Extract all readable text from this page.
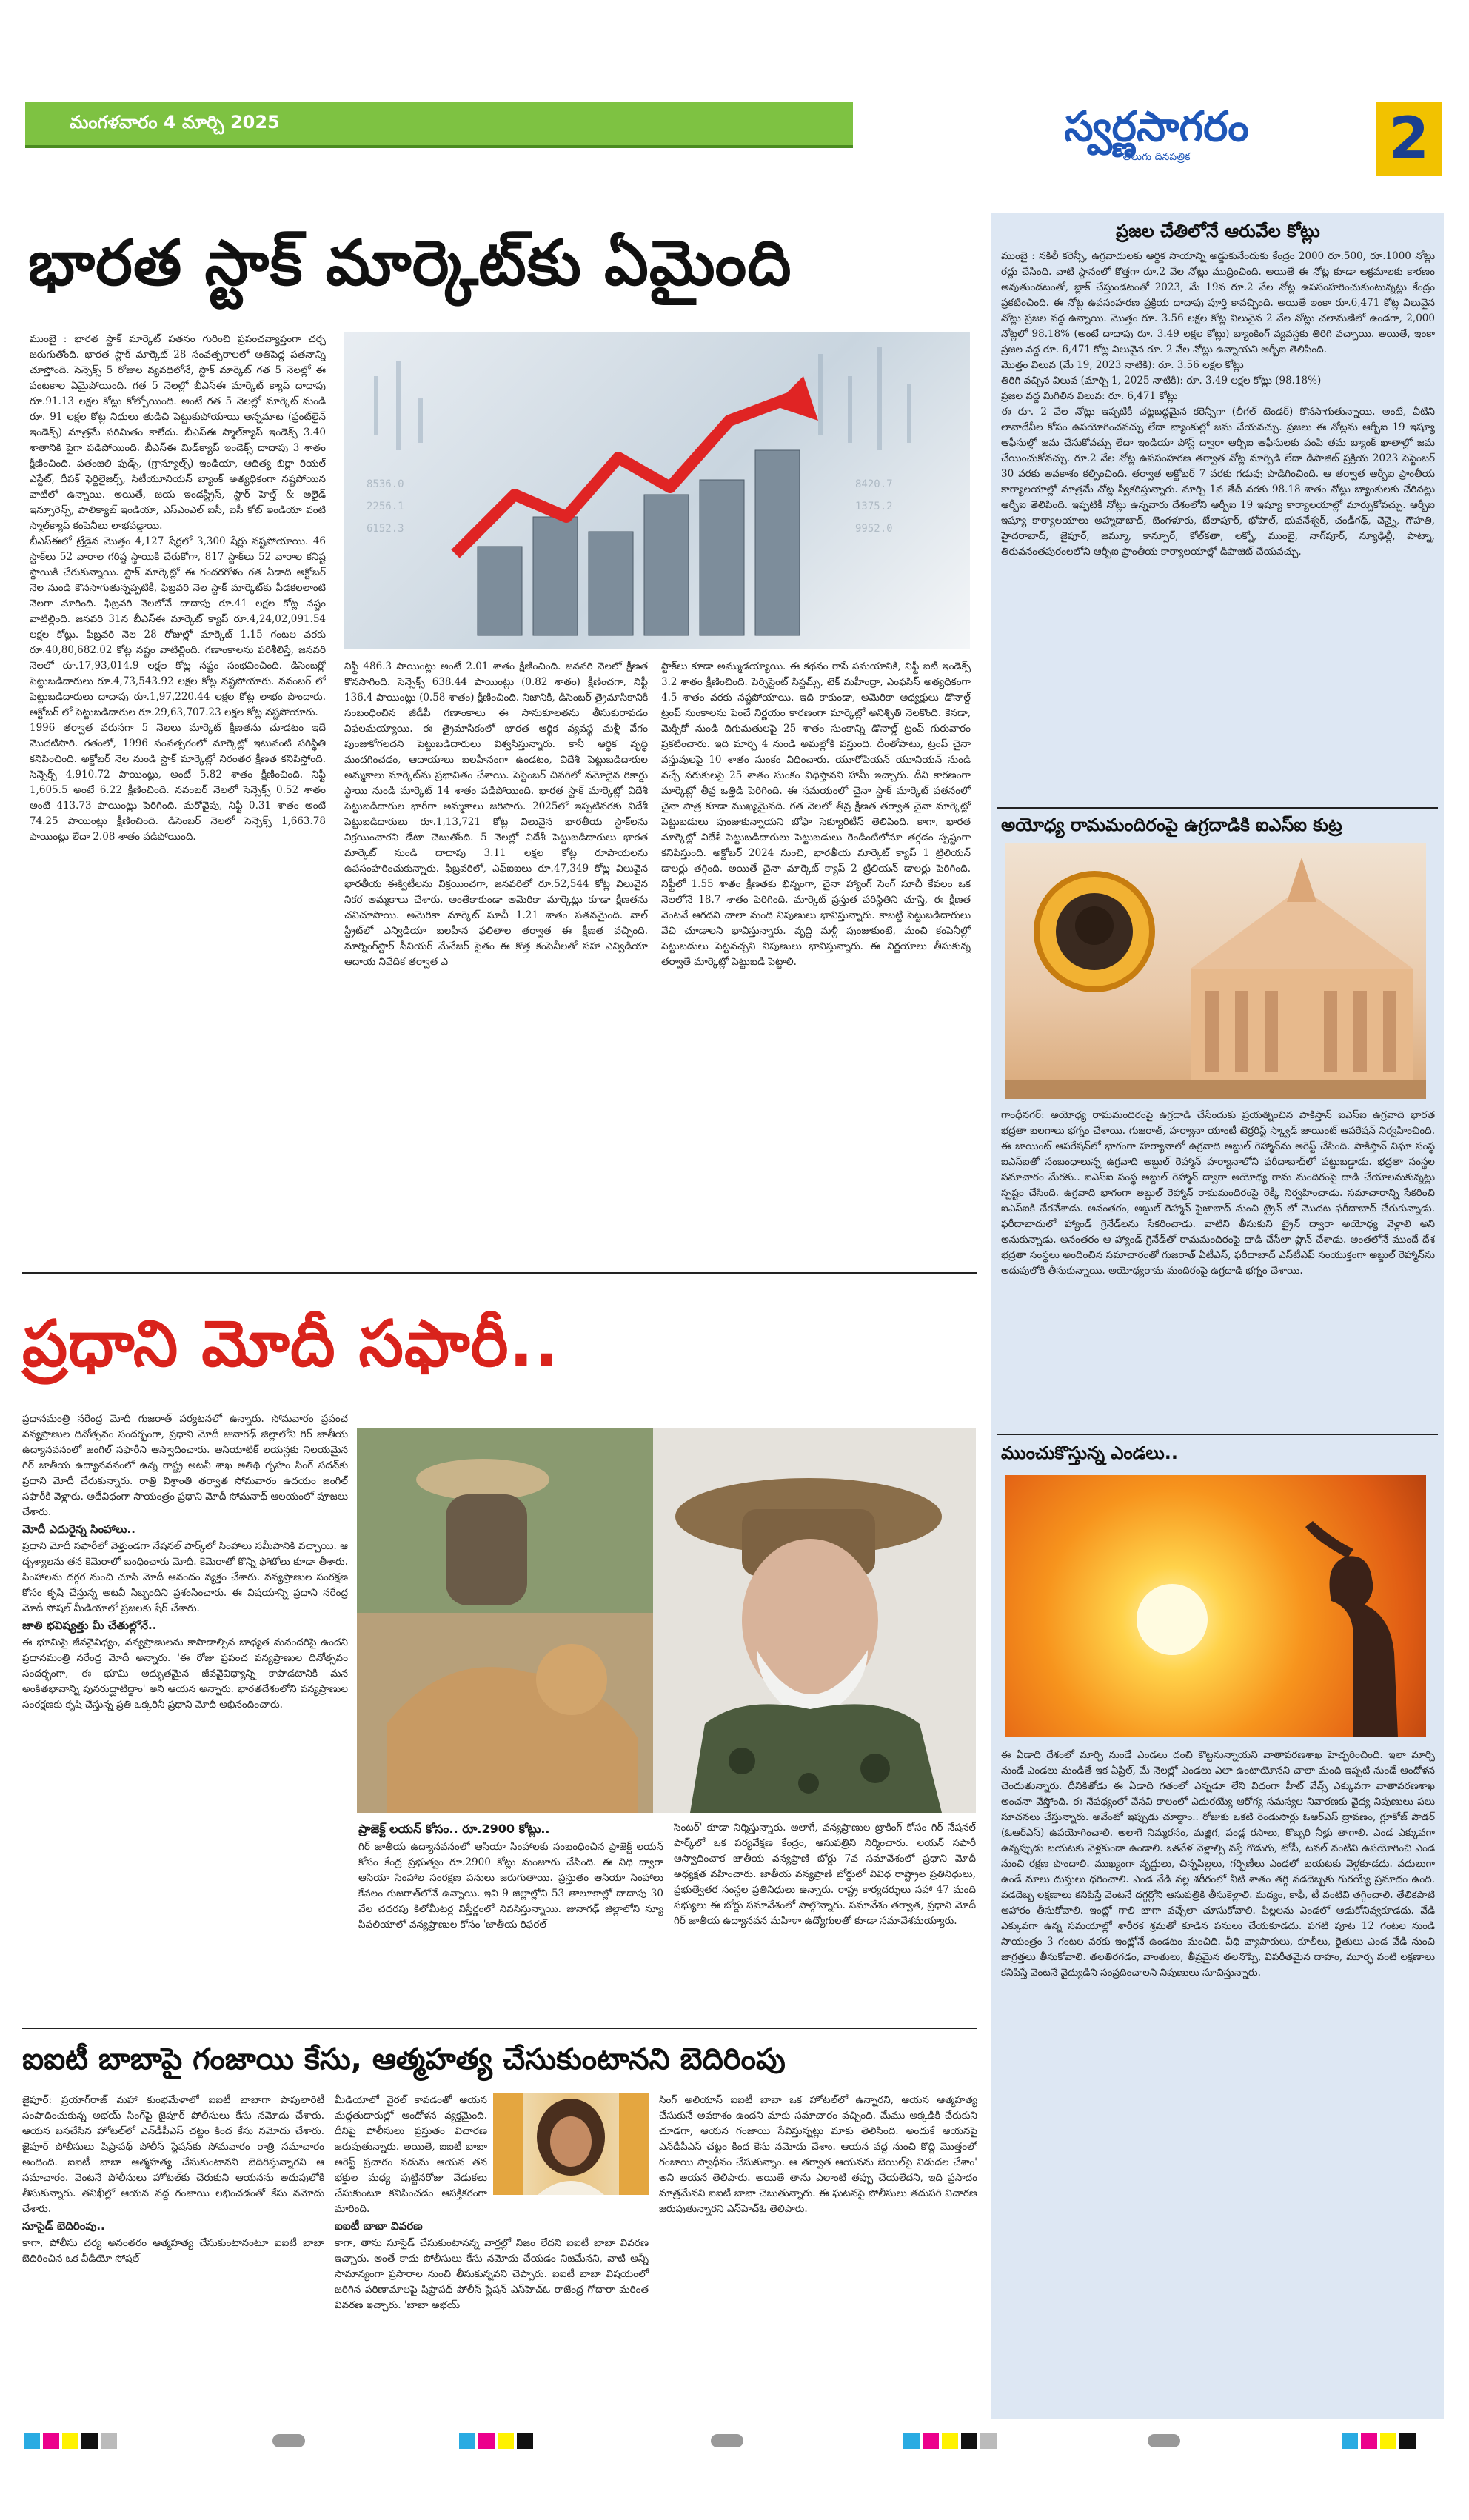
మంగళవారం 4 మార్చి 2025	స్వర్ణసాగరం
తెలుగు దినపత్రిక	2
భారత స్టాక్ మార్కెట్‌కు ఏమైంది

ముంబై : భారత స్టాక్ మార్కెట్ పతనం గురించి ప్రపంచవ్యాప్తంగా చర్చ జరుగుతోంది. భారత స్టాక్ మార్కెట్ 28 సంవత్సరాలలో అతిపెద్ద పతనాన్ని చూస్తోంది. సెన్సెక్స్ 5 రోజుల వ్యవధిలోనే, స్టాక్ మార్కెట్ గత 5 నెలల్లో ఈ పంటకాల ఏమైపోయింది. గత 5 నెలల్లో బీఎస్ఈ మార్కెట్ క్యాప్ దాదాపు రూ.91.13 లక్షల కోట్లు కోల్పోయింది. అంటే గత 5 నెలల్లో మార్కెట్ నుండి రూ. 91 లక్షల కోట్ల నిధులు తుడిచి పెట్టుకుపోయాయి అన్నమాట (ఫ్రంట్‌లైన్ ఇండెక్స్) మాత్రమే పరిమితం కాలేదు. బీఎస్ఈ స్మాల్‌క్యాప్ ఇండెక్స్ 3.40 శాతానికి పైగా పడిపోయింది. బీఎస్ఈ మిడ్‌క్యాప్ ఇండెక్స్ దాదాపు 3 శాతం క్షీణించింది. పతంజలి ఫుడ్స్, (గ్రాన్యూల్స్) ఇండియా, ఆదిత్య బిర్లా రియల్ ఎస్టేట్, దీపక్ ఫెర్టిలైజర్స్, సిటీయూనియన్ బ్యాంక్ అత్యధికంగా నష్టపోయిన వాటిలో ఉన్నాయి. అయితే, జయ ఇండస్ట్రీస్, స్టార్ హెల్త్ & అలైడ్ ఇన్సూరెన్స్, పాలిక్యాబ్ ఇండియా, ఎస్ఎంఎల్ ఐసీ, ఐసీ కోట్ ఇండియా వంటి స్మాల్‌క్యాప్ కంపెనీలు లాభపడ్డాయి.

బీఎస్ఈలో ట్రేడైన మొత్తం 4,127 షేర్లలో 3,300 షేర్లు నష్టపోయాయి. 46 స్టాక్‌లు 52 వారాల గరిష్ట స్థాయికి చేరుకోగా, 817 స్టాక్‌లు 52 వారాల కనిష్ట స్థాయికి చేరుకున్నాయి. స్టాక్ మార్కెట్లో ఈ గందరగోళం గత ఏడాది అక్టోబర్ నెల నుండి కొనసాగుతున్నప్పటికీ, ఫిబ్రవరి నెల స్టాక్ మార్కెట్‌కు పీడకలలాంటి నెలగా మారింది. ఫిబ్రవరి నెలలోనే దాదాపు రూ.41 లక్షల కోట్ల నష్టం వాటిల్లింది. జనవరి 31న బీఎస్ఈ మార్కెట్ క్యాప్ రూ.4,24,02,091.54 లక్షల కోట్లు. ఫిబ్రవరి నెల 28 రోజుల్లో మార్కెట్ 1.15 గంటల వరకు రూ.40,80,682.02 కోట్ల నష్టం వాటిల్లింది. గణాంకాలను పరిశీలిస్తే, జనవరి నెలలో రూ.17,93,014.9 లక్షల కోట్ల నష్టం సంభవించింది. డిసెంబర్లో పెట్టుబడిదారులు రూ.4,73,543.92 లక్షల కోట్ల నష్టపోయారు. నవంబర్ లో పెట్టుబడిదారులు దాదాపు రూ.1,97,220.44 లక్షల కోట్ల లాభం పొందారు. అక్టోబర్ లో పెట్టుబడిదారుల రూ.29,63,707.23 లక్షల కోట్ల నష్టపోయారు.

1996 తర్వాత వరుసగా 5 నెలలు మార్కెట్ క్షీణతను చూడటం ఇదే మొదటిసారి. గతంలో, 1996 సంవత్సరంలో మార్కెట్లో ఇటువంటి పరిస్థితి కనిపించింది. అక్టోబర్ నెల నుండి స్టాక్ మార్కెట్లో నిరంతర క్షీణత కనిపిస్తోంది. సెన్సెక్స్ 4,910.72 పాయింట్లు, అంటే 5.82 శాతం క్షీణించింది. నిఫ్టీ 1,605.5 అంటే 6.22 క్షీణించింది. నవంబర్ నెలలో సెన్సెక్స్ 0.52 శాతం అంటే 413.73 పాయింట్లు పెరిగింది. మరోవైపు, నిఫ్టీ 0.31 శాతం అంటే 74.25 పాయింట్లు క్షీణించింది. డిసెంబర్ నెలలో సెన్సెక్స్ 1,663.78 పాయింట్లు లేదా 2.08 శాతం పడిపోయింది.

8536.0
2256.1
6152.3
8420.7
1375.2
9952.0
నిఫ్టీ 486.3 పాయింట్లు అంటే 2.01 శాతం క్షీణించింది. జనవరి నెలలో క్షీణత కొనసాగింది. సెన్సెక్స్ 638.44 పాయింట్లు (0.82 శాతం) క్షీణించగా, నిఫ్టీ 136.4 పాయింట్లు (0.58 శాతం) క్షీణించింది. నిజానికి, డిసెంబర్ త్రైమాసికానికి సంబంధించిన జీడీపీ గణాంకాలు ఈ సానుకూలతను తీసుకురావడం విఫలమయ్యాయి. ఈ త్రైమాసికంలో భారత ఆర్థిక వ్యవస్థ మళ్లీ వేగం పుంజుకోగలదని పెట్టుబడిదారులు విశ్వసిస్తున్నారు. కానీ ఆర్థిక వృద్ధి మందగించడం, ఆదాయాలు బలహీనంగా ఉండటం, విదేశీ పెట్టుబడిదారుల అమ్మకాలు మార్కెట్‌ను ప్రభావితం చేశాయి. సెప్టెంబర్ చివరిలో నమోదైన రికార్డు స్థాయి నుండి మార్కెట్ 14 శాతం పడిపోయింది. భారత స్టాక్ మార్కెట్లో విదేశీ పెట్టుబడిదారుల భారీగా అమ్మకాలు జరిపారు. 2025లో ఇప్పటివరకు విదేశీ పెట్టుబడిదారులు రూ.1,13,721 కోట్ల విలువైన భారతీయ స్టాక్‌లను విక్రయించారని డేటా చెబుతోంది. 5 నెలల్లో విదేశీ పెట్టుబడిదారులు భారత మార్కెట్ నుండి దాదాపు 3.11 లక్షల కోట్ల రూపాయలను ఉపసంహరించుకున్నారు. ఫిబ్రవరిలో, ఎఫ్ఐఐలు రూ.47,349 కోట్ల విలువైన భారతీయ ఈక్విటీలను విక్రయించగా, జనవరిలో రూ.52,544 కోట్ల విలువైన నికర అమ్మకాలు చేశారు. అంతేకాకుండా అమెరికా మార్కెట్లు కూడా క్షీణతను చవిచూసాయి. అమెరికా మార్కెట్ సూచీ 1.21 శాతం పతనమైంది. వాల్ స్ట్రీట్‌లో ఎన్విడియా బలహీన ఫలితాల తర్వాత ఈ క్షీణత వచ్చింది. మార్నింగ్‌స్టార్ సీనియర్ మేనేజర్ సైతం ఈ కొత్త కంపెనీలతో సహా ఎన్విడియా ఆదాయ నివేదిక తర్వాత ఎ
స్టాక్‌లు కూడా అమ్ముడయ్యాయి. ఈ కథనం రాసే సమయానికి, నిఫ్టీ ఐటీ ఇండెక్స్ 3.2 శాతం క్షీణించింది. పెర్సిస్టెంట్ సిస్టమ్స్, టెక్ మహీంద్రా, ఎంఫసిస్ అత్యధికంగా 4.5 శాతం వరకు నష్టపోయాయి. ఇది కాకుండా, అమెరికా అధ్యక్షులు డొనాల్డ్ ట్రంప్ సుంకాలను పెంచే నిర్ణయం కారణంగా మార్కెట్లో అనిశ్చితి నెలకొంది. కెనడా, మెక్సికో నుండి దిగుమతులపై 25 శాతం సుంకాన్ని డొనాల్డ్ ట్రంప్ గురువారం ప్రకటించారు. ఇది మార్చి 4 నుండి అమల్లోకి వస్తుంది. దీంతోపాటు, ట్రంప్ చైనా వస్తువులపై 10 శాతం సుంకం విధించారు. యూరోపియన్ యూనియన్ నుండి వచ్చే సరుకులపై 25 శాతం సుంకం విధిస్తానని హామీ ఇచ్చారు. దీని కారణంగా మార్కెట్లో తీవ్ర ఒత్తిడి పెరిగింది. ఈ సమయంలో చైనా స్టాక్ మార్కెట్ పతనంలో చైనా పాత్ర కూడా ముఖ్యమైనది. గత నెలలో తీవ్ర క్షీణత తర్వాత చైనా మార్కెట్లో పెట్టుబడులు పుంజుకున్నాయని బోఫా సెక్యూరిటీస్ తెలిపింది. కాగా, భారత మార్కెట్లో విదేశీ పెట్టుబడిదారులు పెట్టుబడులు రెండింటిలోనూ తగ్గడం స్పష్టంగా కనిపిస్తుంది. అక్టోబర్ 2024 నుంచి, భారతీయ మార్కెట్ క్యాప్ 1 ట్రిలియన్ డాలర్లు తగ్గింది. అయితే చైనా మార్కెట్ క్యాప్ 2 ట్రిలియన్ డాలర్లు పెరిగింది. నిఫ్టీలో 1.55 శాతం క్షీణతకు భిన్నంగా, చైనా హ్యాంగ్ సెంగ్ సూచీ కేవలం ఒక నెలలోనే 18.7 శాతం పెరిగింది. మార్కెట్ ప్రస్తుత పరిస్థితిని చూస్తే, ఈ క్షీణత వెంటనే ఆగదని చాలా మంది నిపుణులు భావిస్తున్నారు. కాబట్టి పెట్టుబడిదారులు వేచి చూడాలని భావిస్తున్నారు. వృద్ధి మళ్లీ పుంజుకుంటే, మంచి కంపెనీల్లో పెట్టుబడులు పెట్టవచ్చని నిపుణులు భావిస్తున్నారు. ఈ నిర్ణయాలు తీసుకున్న తర్వాతే మార్కెట్లో పెట్టుబడి పెట్టాలి.
ప్రజల చేతిలోనే ఆరువేల కోట్లు
ముంబై : నకిలీ కరెన్సీ, ఉగ్రవాదులకు ఆర్థిక సాయాన్ని అడ్డుకునేందుకు కేంద్రం 2000 రూ.500, రూ.1000 నోట్లు రద్దు చేసింది. వాటి స్థానంలో కొత్తగా రూ.2 వేల నోట్లు ముద్రించింది. అయితే ఈ నోట్ల కూడా అక్రమాలకు కారణం అవుతుండటంతో, బ్లాక్ చేస్తుండటంతో 2023, మే 19న రూ.2 వేల నోట్ల ఉపసంహరించుకుంటున్నట్లు కేంద్రం ప్రకటించింది. ఈ నోట్ల ఉపసంహరణ ప్రక్రియ దాదాపు పూర్తి కావచ్చింది. అయితే ఇంకా రూ.6,471 కోట్ల విలువైన నోట్లు ప్రజల వద్ద ఉన్నాయి. మొత్తం రూ. 3.56 లక్షల కోట్ల విలువైన 2 వేల నోట్లు చలామణిలో ఉండగా, 2,000 నోట్లలో 98.18% (అంటే దాదాపు రూ. 3.49 లక్షల కోట్లు) బ్యాంకింగ్ వ్యవస్థకు తిరిగి వచ్చాయి. అయితే, ఇంకా ప్రజల వద్ద రూ. 6,471 కోట్ల విలువైన రూ. 2 వేల నోట్లు ఉన్నాయని ఆర్బీఐ తెలిపింది.
మొత్తం విలువ (మే 19, 2023 నాటికి): రూ. 3.56 లక్షల కోట్లు
తిరిగి వచ్చిన విలువ (మార్చి 1, 2025 నాటికి): రూ. 3.49 లక్షల కోట్లు (98.18%)
ప్రజల వద్ద మిగిలిన విలువ: రూ. 6,471 కోట్లు
ఈ రూ. 2 వేల నోట్లు ఇప్పటికీ చట్టబద్ధమైన కరెన్సీగా (లీగల్ టెండర్) కొనసాగుతున్నాయి. అంటే, వీటిని లావాదేవీల కోసం ఉపయోగించవచ్చు లేదా బ్యాంకుల్లో జమ చేయవచ్చు. ప్రజలు ఈ నోట్లను ఆర్బీఐ 19 ఇష్యూ ఆఫీసుల్లో జమ చేసుకోవచ్చు లేదా ఇండియా పోస్ట్ ద్వారా ఆర్బీఐ ఆఫీసులకు పంపి తమ బ్యాంక్ ఖాతాల్లో జమ చేయించుకోవచ్చు. రూ.2 వేల నోట్ల ఉపసంహరణ తర్వాత నోట్ల మార్పిడి లేదా డిపాజిట్ ప్రక్రియ 2023 సెప్టెంబర్ 30 వరకు అవకాశం కల్పించింది. తర్వాత అక్టోబర్ 7 వరకు గడువు పొడిగించింది. ఆ తర్వాత ఆర్బీఐ ప్రాంతీయ కార్యాలయాల్లో మాత్రమే నోట్ల స్వీకరిస్తున్నారు. మార్చి 1వ తేదీ వరకు 98.18 శాతం నోట్లు బ్యాంకులకు చేరినట్లు ఆర్బీఐ తెలిపింది. ఇప్పటికీ నోట్లు ఉన్నవారు దేశంలోని ఆర్బీఐ 19 ఇష్యూ కార్యాలయాల్లో మార్చుకోవచ్చు. ఆర్బీఐ ఇష్యూ కార్యాలయాలు అహ్మదాబాద్, బెంగళూరు, బేలాపూర్, భోపాల్, భువనేశ్వర్, చండీగఢ్, చెన్నై, గౌహతి, హైదరాబాద్, జైపూర్, జమ్మూ, కాన్పూర్, కోల్‌కతా, లక్నో, ముంబై, నాగ్‌పూర్, న్యూఢిల్లీ, పాట్నా, తిరువనంతపురంలలోని ఆర్బీఐ ప్రాంతీయ కార్యాలయాల్లో డిపాజిట్ చేయవచ్చు.
అయోధ్య రామమందిరంపై ఉగ్రదాడికి ఐఎస్ఐ కుట్ర
గాంధీనగర్: అయోధ్య రామమందిరంపై ఉగ్రదాడి చేసేందుకు ప్రయత్నించిన పాకిస్తాన్ ఐఎస్ఐ ఉగ్రవాది భారత భద్రతా బలగాలు భగ్నం చేశాయి. గుజరాత్, హర్యానా యాంటీ టెర్రరిస్ట్ స్క్వాడ్ జాయింట్ ఆపరేషన్ నిర్వహించింది. ఈ జాయింట్ ఆపరేషన్‌లో భాగంగా హర్యానాలో ఉగ్రవాది అబ్దుల్ రెహ్మాన్‌ను అరెస్ట్ చేసింది. పాకిస్తాన్ నిఘా సంస్థ ఐఎస్ఐతో సంబంధాలున్న ఉగ్రవాది అబ్దుల్ రెహ్మాన్ హర్యానాలోని ఫరీదాబాద్‌లో పట్టుబడ్డాడు. భద్రతా సంస్థల సమాచారం మేరకు.. ఐఎస్ఐ సంస్థ అబ్దుల్ రెహ్మాన్ ద్వారా అయోధ్య రామ మందిరంపై దాడి చేయాలనుకున్నట్లు స్పష్టం చేసింది. ఉగ్రవాది భాగంగా అబ్దుల్ రెహ్మాన్ రామమందిరంపై రెక్కీ నిర్వహించాడు. సమాచారాన్ని సేకరించి ఐఎస్ఐకి చేరవేశాడు. అనంతరం, అబ్దుల్ రెహ్మాన్ ఫైజాబాద్ నుంచి ట్రైన్ లో మొదట ఫరీదాబాద్ చేరుకున్నాడు. ఫరీదాబాదులో హ్యాండ్ గ్రెనేడ్‌లను సేకరించాడు. వాటిని తీసుకుని ట్రైన్ ద్వారా అయోధ్య వెళ్లాలి అని అనుకున్నాడు. అనంతరం ఆ హ్యాండ్ గ్రెనేడ్‌తో రామమందిరంపై దాడి చేసేలా ప్లాన్ చేశాడు. అంతలోనే ముందే దేశ భద్రతా సంస్థలు అందించిన సమాచారంతో గుజరాత్ ఏటీఎస్, ఫరీదాబాద్ ఎస్‌టీఎఫ్ సంయుక్తంగా అబ్దుల్ రెహ్మాన్‌ను అదుపులోకి తీసుకున్నాయి. అయోధ్యరామ మందిరంపై ఉగ్రదాడి భగ్నం చేశాయి.
ముంచుకొస్తున్న ఎండలు..
ఈ ఏడాది దేశంలో మార్చి నుండే ఎండలు దంచి కొట్టనున్నాయని వాతావరణశాఖ హెచ్చరించింది. ఇలా మార్చి నుండే ఎండలు మండితే ఇక ఏప్రిల్, మే నెలల్లో ఎండలు ఎలా ఉంటాయోనని చాలా మంది ఇప్పటి నుండే ఆందోళన చెందుతున్నారు. దీనికితోడు ఈ ఏడాది గతంలో ఎన్నడూ లేని విధంగా హీట్ వేవ్స్ ఎక్కువగా వాతావరణశాఖ అంచనా వేస్తోంది. ఈ నేపధ్యంలో వేసవి కాలంలో ఎదురయ్యే ఆరోగ్య సమస్యల నివారణకు వైద్య నిపుణులు పలు సూచనలు చేస్తున్నారు. అవేంటో ఇప్పుడు చూద్దాం.. రోజుకు ఒకటి రెండుసార్లు ఓఆర్ఎస్ ద్రావణం, గ్లూకోజ్ పౌడర్ (ఓఆర్ఎస్) ఉపయోగించాలి. అలాగే నిమ్మరసం, మజ్జిగ, పండ్ల రసాలు, కొబ్బరి నీళ్లు తాగాలి. ఎండ ఎక్కువగా ఉన్నప్పుడు బయటకు వెళ్లకుండా ఉండాలి. ఒకవేళ వెళ్లాల్సి వస్తే గొడుగు, టోపీ, టవల్ వంటివి ఉపయోగించి ఎండ నుంచి రక్షణ పొందాలి. ముఖ్యంగా వృద్ధులు, చిన్నపిల్లలు, గర్భిణీలు ఎండలో బయటకు వెళ్లకూడదు. వదులుగా ఉండే నూలు దుస్తులు ధరించాలి. ఎండ వేడి వల్ల శరీరంలో నీటి శాతం తగ్గి వడదెబ్బకు గురయ్యే ప్రమాదం ఉంది. వడదెబ్బ లక్షణాలు కనిపిస్తే వెంటనే దగ్గర్లోని ఆసుపత్రికి తీసుకెళ్లాలి. మద్యం, కాఫీ, టీ వంటివి తగ్గించాలి. తేలికపాటి ఆహారం తీసుకోవాలి. ఇంట్లో గాలి బాగా వచ్చేలా చూసుకోవాలి. పిల్లలను ఎండలో ఆడుకోనివ్వకూడదు. వేడి ఎక్కువగా ఉన్న సమయాల్లో శారీరక శ్రమతో కూడిన పనులు చేయకూడదు. పగటి పూట 12 గంటల నుండి సాయంత్రం 3 గంటల వరకు ఇంట్లోనే ఉండటం మంచిది. వీధి వ్యాపారులు, కూలీలు, రైతులు ఎండ వేడి నుంచి జాగ్రత్తలు తీసుకోవాలి. తలతిరగడం, వాంతులు, తీవ్రమైన తలనొప్పి, విపరీతమైన దాహం, మూర్ఛ వంటి లక్షణాలు కనిపిస్తే వెంటనే వైద్యుడిని సంప్రదించాలని నిపుణులు సూచిస్తున్నారు.
ప్రధాని మోదీ సఫారీ..
ప్రధానమంత్రి నరేంద్ర మోదీ గుజరాత్ పర్యటనలో ఉన్నారు. సోమవారం ప్రపంచ వన్యప్రాణుల దినోత్సవం సందర్భంగా, ప్రధాని మోదీ జునాగఢ్ జిల్లాలోని గిర్ జాతీయ ఉద్యానవనంలో జంగిల్ సఫారీని ఆస్వాదించారు. ఆసియాటిక్ లయన్లకు నిలయమైన గిర్ జాతీయ ఉద్యానవనంలో ఉన్న రాష్ట్ర అటవీ శాఖ అతిథి గృహం సింగ్ సదన్‌కు ప్రధాని మోదీ చేరుకున్నారు. రాత్రి విశ్రాంతి తర్వాత సోమవారం ఉదయం జంగిల్ సఫారీకి వెళ్లారు. అదేవిధంగా సాయంత్రం ప్రధాని మోదీ సోమనాథ్ ఆలయంలో పూజలు చేశారు.
మోదీ ఎదురైన్న సింహాలు..
ప్రధాని మోదీ సఫారీలో వెళ్తుండగా నేషనల్ పార్క్‌లో సింహాలు సమీపానికి వచ్చాయి. ఆ దృశ్యాలను తన కెమెరాలో బంధించారు మోదీ. కెమెరాతో కొన్ని ఫోటోలు కూడా తీశారు. సింహాలను దగ్గర నుంచి చూసి మోదీ ఆనందం వ్యక్తం చేశారు. వన్యప్రాణుల సంరక్షణ కోసం కృషి చేస్తున్న అటవీ సిబ్బందిని ప్రశంసించారు. ఈ విషయాన్ని ప్రధాని నరేంద్ర మోదీ సోషల్ మీడియాలో ప్రజలకు షేర్ చేశారు.
జాతి భవిష్యత్తు మీ చేతుల్లోనే..
ఈ భూమిపై జీవవైవిధ్యం, వన్యప్రాణులను కాపాడాల్సిన బాధ్యత మనందరిపై ఉందని ప్రధానమంత్రి నరేంద్ర మోదీ అన్నారు. 'ఈ రోజు ప్రపంచ వన్యప్రాణుల దినోత్సవం సందర్భంగా, ఈ భూమి అద్భుతమైన జీవవైవిధ్యాన్ని కాపాడటానికి మన అంకితభావాన్ని పునరుద్ఘాటిద్దాం' అని ఆయన అన్నారు. భారతదేశంలోని వన్యప్రాణుల సంరక్షణకు కృషి చేస్తున్న ప్రతి ఒక్కరినీ ప్రధాని మోదీ అభినందించారు.
ప్రాజెక్ట్ లయన్ కోసం.. రూ.2900 కోట్లు..
గిర్ జాతీయ ఉద్యానవనంలో ఆసియా సింహాలకు సంబంధించిన ప్రాజెక్ట్ లయన్ కోసం కేంద్ర ప్రభుత్వం రూ.2900 కోట్లు మంజూరు చేసింది. ఈ నిధి ద్వారా ఆసియా సింహాల సంరక్షణ పనులు జరుగుతాయి. ప్రస్తుతం ఆసియా సింహాలు కేవలం గుజరాత్‌లోనే ఉన్నాయి. ఇవి 9 జిల్లాల్లోని 53 తాలూకాల్లో దాదాపు 30 వేల చదరపు కిలోమీటర్ల విస్తీర్ణంలో నివసిస్తున్నాయి. జునాగఢ్ జిల్లాలోని న్యూ పిపలియాలో వన్యప్రాణుల కోసం 'జాతీయ రిఫరల్
సెంటర్' కూడా నిర్మిస్తున్నారు. అలాగే, వన్యప్రాణుల ట్రాకింగ్ కోసం గిర్ నేషనల్ పార్క్‌లో ఒక పర్యవేక్షణ కేంద్రం, ఆసుపత్రిని నిర్మించారు. లయన్ సఫారీ ఆస్వాదించాక జాతీయ వన్యప్రాణి బోర్డు 7వ సమావేశంలో ప్రధాని మోదీ అధ్యక్షత వహించారు. జాతీయ వన్యప్రాణి బోర్డులో వివిధ రాష్ట్రాల ప్రతినిధులు, ప్రభుత్వేతర సంస్థల ప్రతినిధులు ఉన్నారు. రాష్ట్ర కార్యదర్శులు సహా 47 మంది సభ్యులు ఈ బోర్డు సమావేశంలో పాల్గొన్నారు. సమావేశం తర్వాత, ప్రధాని మోదీ గిర్ జాతీయ ఉద్యానవన మహిళా ఉద్యోగులతో కూడా సమావేశమయ్యారు.
ఐఐటీ బాబాపై గంజాయి కేసు, ఆత్మహత్య చేసుకుంటానని బెదిరింపు
జైపూర్: ప్రయాగ్‌రాజ్ మహా కుంభమేళాలో ఐఐటీ బాబాగా పాపులారిటీ సంపాదించుకున్న అభయ్ సింగ్‌పై జైపూర్ పోలీసులు కేసు నమోదు చేశారు. ఆయన బసచేసిన హోటల్‌లో ఎన్‌డీపీఎస్ చట్టం కింద కేసు నమోదు చేశారు. జైపూర్ పోలీసులు షిప్రాపథ్ పోలీస్ స్టేషన్‌కు సోమవారం రాత్రి సమాచారం అందింది. ఐఐటీ బాబా ఆత్మహత్య చేసుకుంటానని బెదిరిస్తున్నారని ఆ సమాచారం. వెంటనే పోలీసులు హోటల్‌కు చేరుకుని ఆయనను అదుపులోకి తీసుకున్నారు. తనిఖీల్లో ఆయన వద్ద గంజాయి లభించడంతో కేసు నమోదు చేశారు.
సూసైడ్ బెదిరింపు..
కాగా, పోలీసు చర్య అనంతరం ఆత్మహత్య చేసుకుంటానంటూ ఐఐటీ బాబా బెదిరించిన ఒక వీడియో సోషల్
మీడియాలో వైరల్ కావడంతో ఆయన మద్దతుదారుల్లో ఆందోళన వ్యక్తమైంది. దీనిపై పోలీసులు ప్రస్తుతం విచారణ జరుపుతున్నారు. అయితే, ఐఐటీ బాబా అరెస్ట్ ప్రచారం నడుమ ఆయన తన భక్తుల మధ్య పుట్టినరోజు వేడుకలు చేసుకుంటూ కనిపించడం ఆసక్తికరంగా మారింది.
ఐఐటీ బాబా వివరణ
కాగా, తాను సూసైడ్ చేసుకుంటానన్న వార్తల్లో నిజం లేదని ఐఐటీ బాబా వివరణ ఇచ్చారు. అంతే కాదు పోలీసులు కేసు నమోదు చేయడం నిజమేనని, వాటి అన్నీ సామాన్యంగా ప్రసారాల నుంచి తీసుకున్నవని చెప్పారు. ఐఐటీ బాబా విషయంలో జరిగిన పరిణామాలపై షిప్రాపథ్ పోలీస్ స్టేషన్ ఎస్‌హెచ్ఓ రాజేంద్ర గోదారా మరింత వివరణ ఇచ్చారు. 'బాబా అభయ్
సింగ్ అలియాస్ ఐఐటీ బాబా ఒక హోటల్‌లో ఉన్నారని, ఆయన ఆత్మహత్య చేసుకునే అవకాశం ఉందని మాకు సమాచారం వచ్చింది. మేము అక్కడికి చేరుకుని చూడగా, ఆయన గంజాయి సేవిస్తున్నట్లు మాకు తెలిసింది. అందుకే ఆయనపై ఎన్‌డీపీఎస్ చట్టం కింద కేసు నమోదు చేశాం. ఆయన వద్ద నుంచి కొద్ది మొత్తంలో గంజాయి స్వాధీనం చేసుకున్నాం. ఆ తర్వాత ఆయనను బెయిల్‌పై విడుదల చేశాం' అని ఆయన తెలిపారు. అయితే తాను ఎలాంటి తప్పు చేయలేదని, ఇది ప్రసాదం మాత్రమేనని ఐఐటీ బాబా చెబుతున్నారు. ఈ ఘటనపై పోలీసులు తదుపరి విచారణ జరుపుతున్నారని ఎస్‌హెచ్ఓ తెలిపారు.
